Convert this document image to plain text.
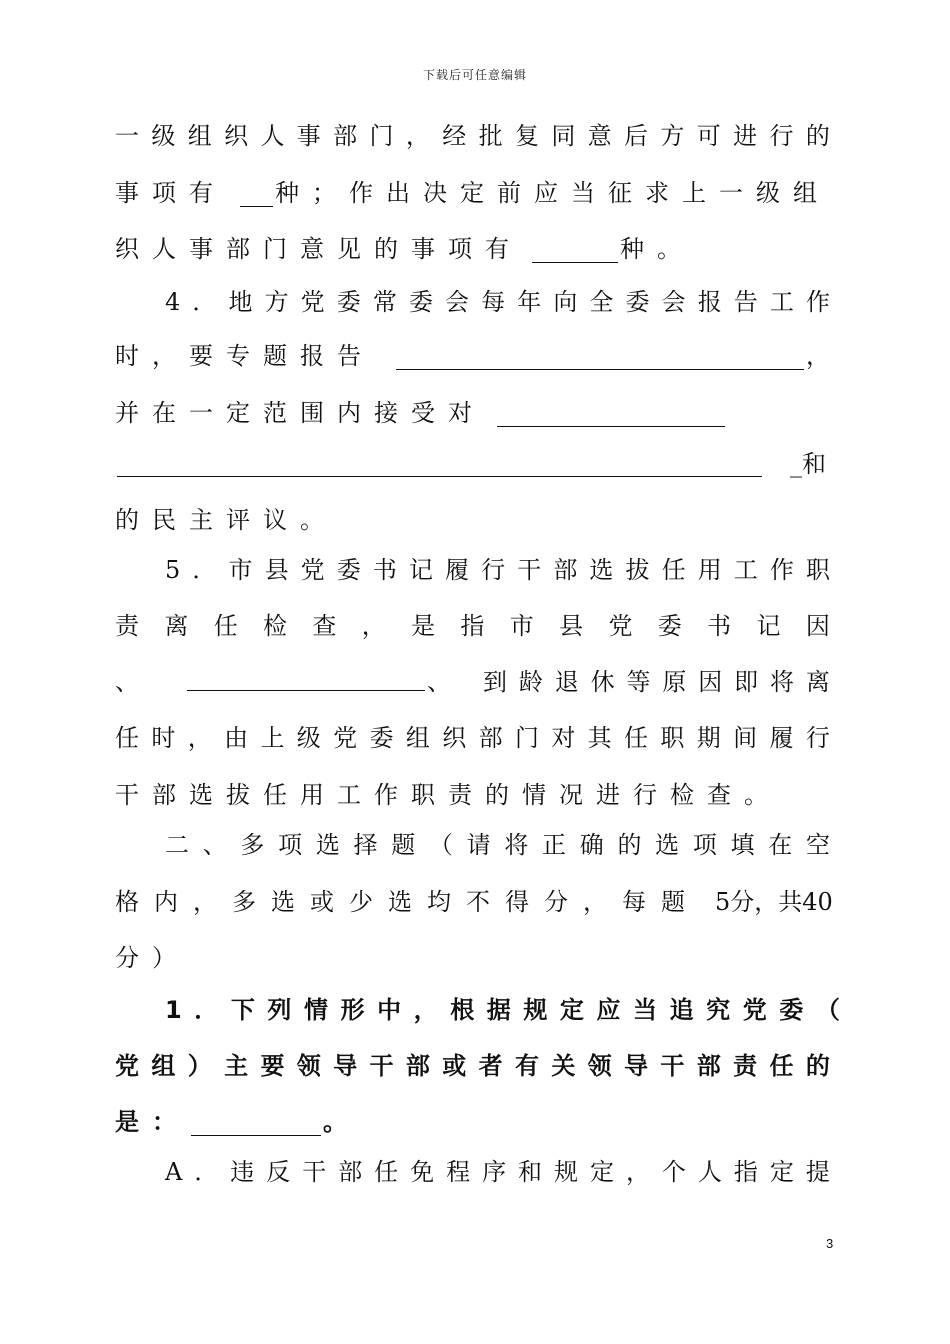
下载后可任意编辑
一 级 组 织 人 事 部 门 ， 经 批 复 同 意 后 方 可 进 行 的
事 项 有	种 ； 作 出 决 定 前 应 当 征 求 上 一 级 组
织 人 事 部 门 意 见 的 事 项 有	种 。
4 ． 地 方 党 委 常 委 会 每 年 向 全 委 会 报 告 工 作
时 ， 要 专 题 报 告	，
并 在 一 定 范 围 内 接 受 对
_和
的 民 主 评 议 。
5 ． 市 县 党 委 书 记 履 行 干 部 选 拔 任 用 工 作 职
责 离 任 检 查 ， 是 指 市 县 党 委 书 记 因
、	、 到 龄 退 休 等 原 因 即 将 离
任 时 ， 由 上 级 党 委 组 织 部 门 对 其 任 职 期 间 履 行
干 部 选 拔 任 用 工 作 职 责 的 情 况 进 行 检 查 。
二 、 多 项 选 择 题 （ 请 将 正 确 的 选 项 填 在 空
格 内 ， 多 选 或 少 选 均 不 得 分 ， 每 题 5 分 ， 共 40
分 ）
1 ． 下 列 情 形 中 ， 根 据 规 定 应 当 追 究 党 委 （
党 组 ） 主 要 领 导 干 部 或 者 有 关 领 导 干 部 责 任 的
是 ：	。
A ． 违 反 干 部 任 免 程 序 和 规 定 ， 个 人 指 定 提
3
